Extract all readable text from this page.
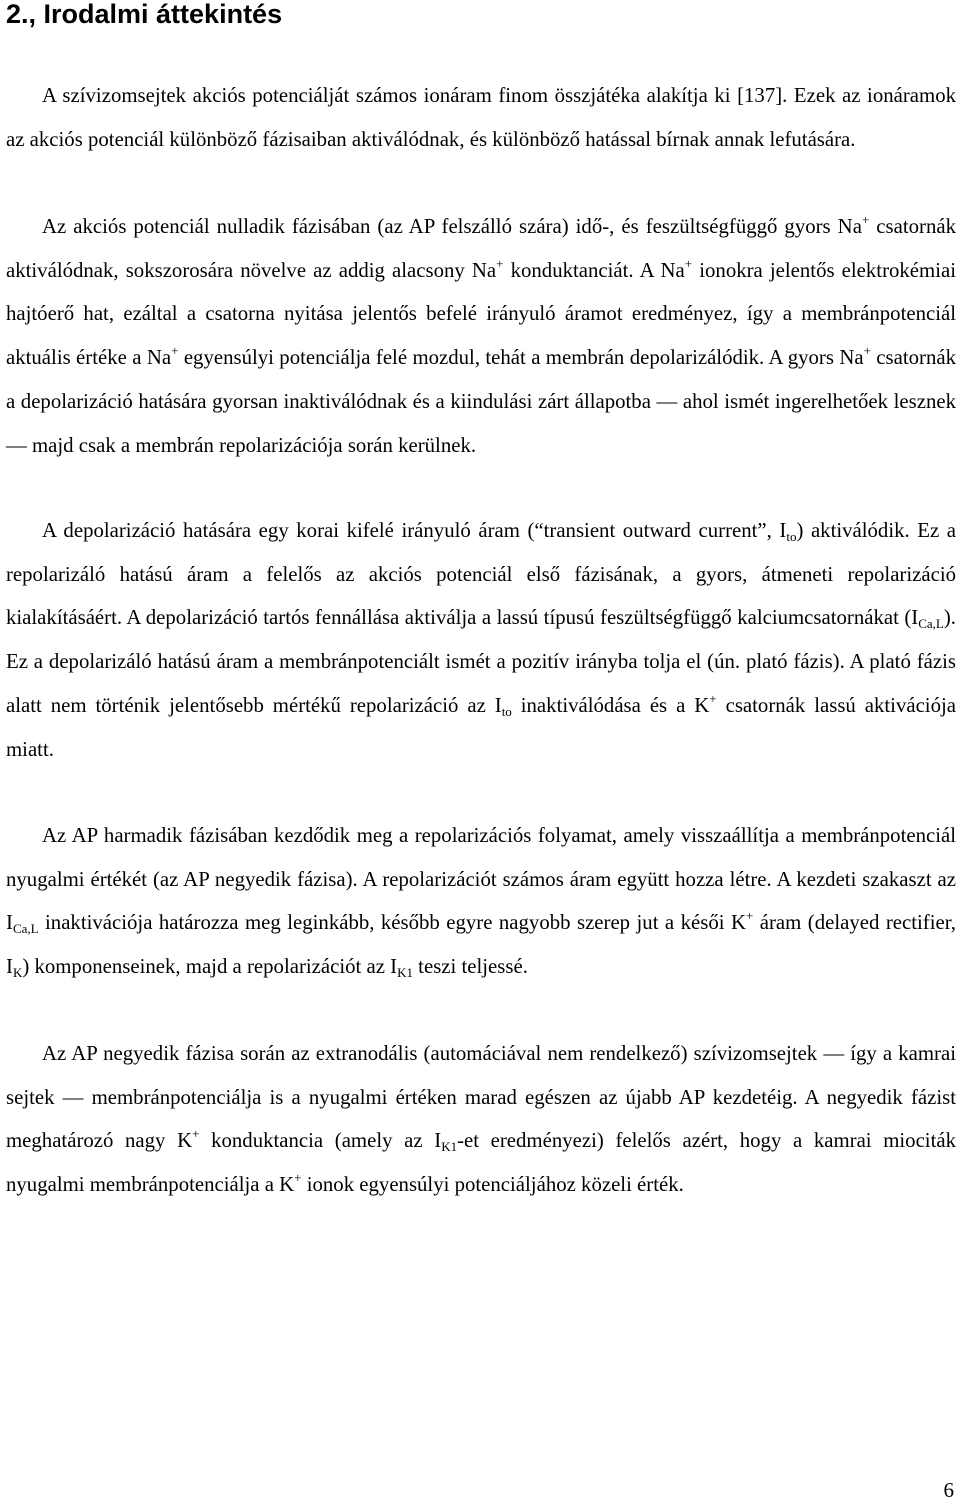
2., Irodalmi áttekintés

A szívizomsejtek akciós potenciálját számos ionáram finom összjátéka alakítja ki [137]. Ezek az ionáramok az akciós potenciál különböző fázisaiban aktiválódnak, és különböző hatással bírnak annak lefutására.

Az akciós potenciál nulladik fázisában (az AP felszálló szára) idő-, és feszültségfüggő gyors Na+ csatornák aktiválódnak, sokszorosára növelve az addig alacsony Na+ konduktanciát. A Na+ ionokra jelentős elektrokémiai hajtóerő hat, ezáltal a csatorna nyitása jelentős befelé irányuló áramot eredményez, így a membránpotenciál aktuális értéke a Na+ egyensúlyi potenciálja felé mozdul, tehát a membrán depolarizálódik. A gyors Na+ csatornák a depolarizáció hatására gyorsan inaktiválódnak és a kiindulási zárt állapotba — ahol ismét ingerelhetőek lesznek — majd csak a membrán repolarizációja során kerülnek.

A depolarizáció hatására egy korai kifelé irányuló áram (“transient outward current”, $I_{to}$) aktiválódik. Ez a repolarizáló hatású áram a felelős az akciós potenciál első fázisának, a gyors, átmeneti repolarizáció kialakításáért. A depolarizáció tartós fennállása aktiválja a lassú típusú feszültségfüggő kalciumcsatornákat $(I_{Ca,L})$. Ez a depolarizáló hatású áram a membránpotenciált ismét a pozitív irányba tolja el (ún. plató fázis). A plató fázis alatt nem történik jelentősebb mértékű repolarizáció az $I_{to}$ inaktiválódása és a K+ csatornák lassú aktivációja miatt.

Az AP harmadik fázisában kezdődik meg a repolarizációs folyamat, amely visszaállítja a membránpotenciál nyugalmi értékét (az AP negyedik fázisa). A repolarizációt számos áram együtt hozza létre. A kezdeti szakaszt az $I_{Ca,L}$ inaktivációja határozza meg leginkább, később egyre nagyobb szerep jut a késői K+ áram (delayed rectifier, $I_K$) komponenseinek, majd a repolarizációt az $I_{K1}$ teszi teljessé.

Az AP negyedik fázisa során az extranodális (automáciával nem rendelkező) szívizomsejtek — így a kamrai sejtek — membránpotenciálja is a nyugalmi értéken marad egészen az újabb AP kezdetéig. A negyedik fázist meghatározó nagy K+ konduktancia (amely az $I_{K1}-et$ eredményezi) felelős azért, hogy a kamrai miociták nyugalmi membránpotenciálja a K+ ionok egyensúlyi potenciáljához közeli érték.

6
